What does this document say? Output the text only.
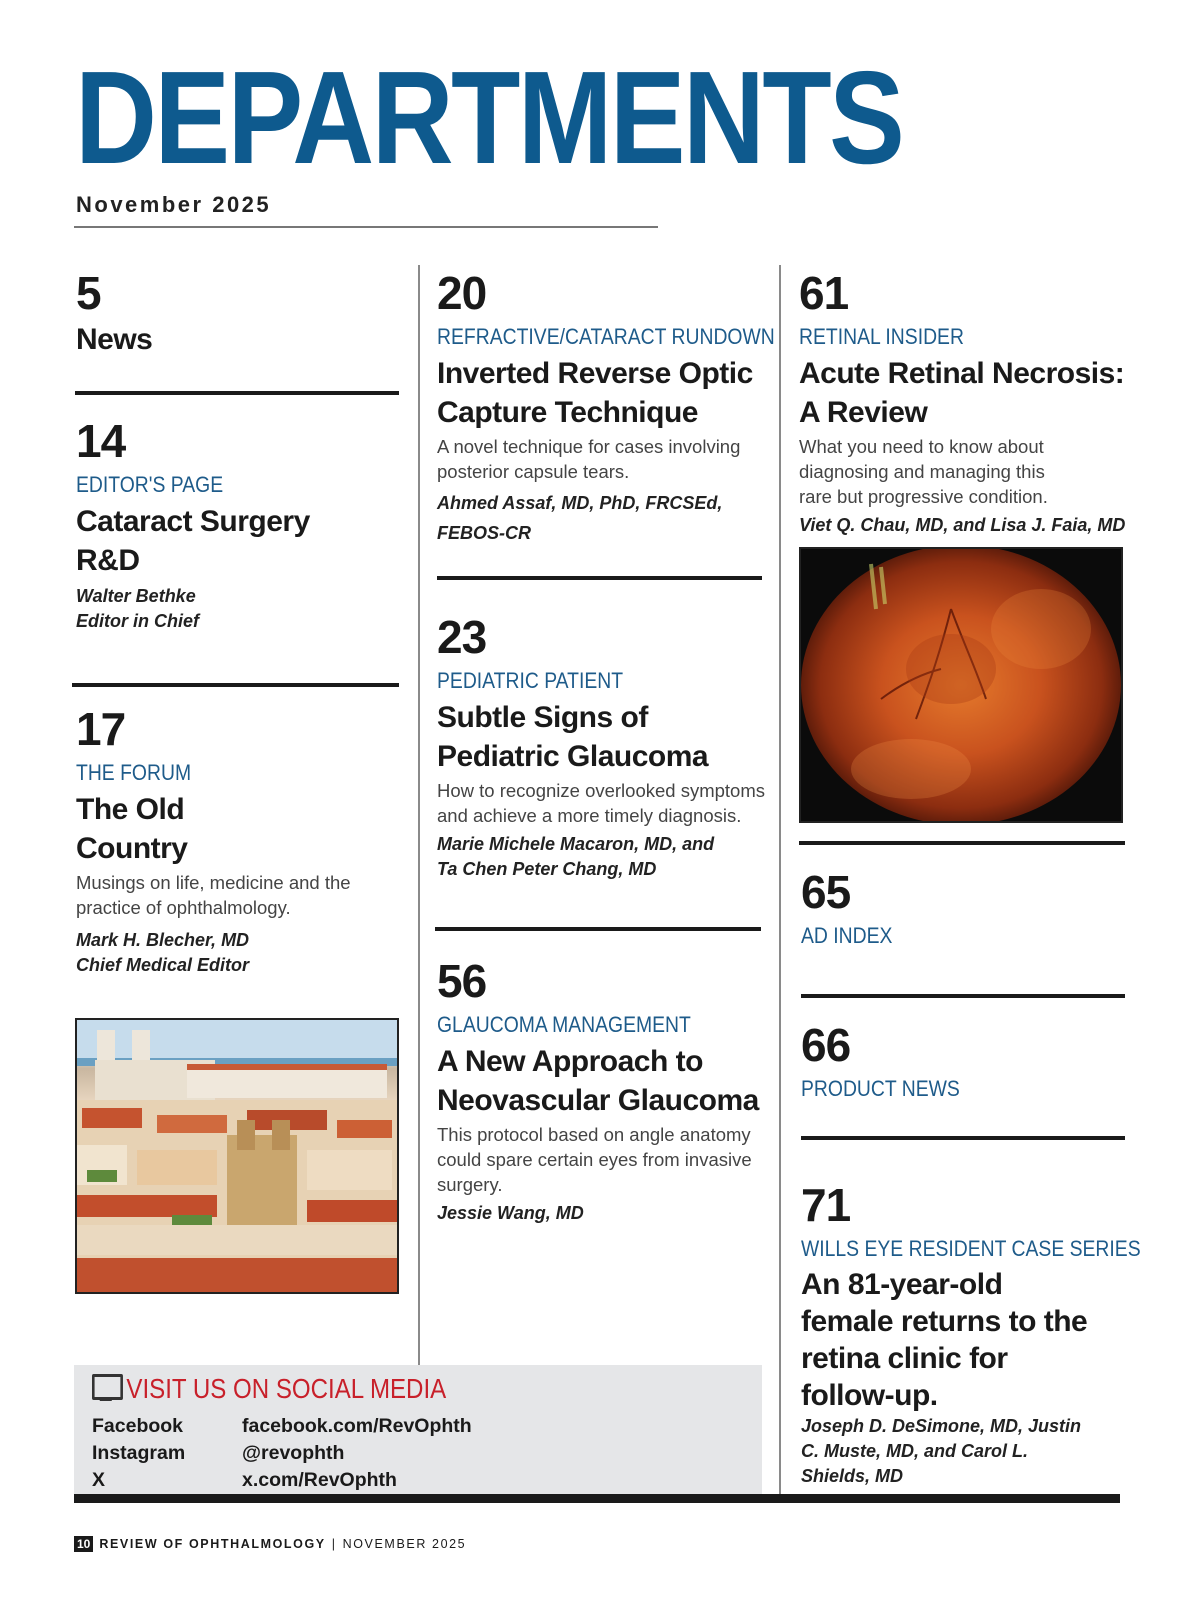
DEPARTMENTS
November 2025
5
News
14
EDITOR'S PAGE
Cataract Surgery
R&D
Walter Bethke
Editor in Chief
17
THE FORUM
The Old
Country
Musings on life, medicine and the practice of ophthalmology.
Mark H. Blecher, MD
Chief Medical Editor
20
REFRACTIVE/CATARACT RUNDOWN
Inverted Reverse Optic
Capture Technique
A novel technique for cases involving posterior capsule tears.
Ahmed Assaf, MD, PhD, FRCSEd, FEBOS-CR
23
PEDIATRIC PATIENT
Subtle Signs of
Pediatric Glaucoma
How to recognize overlooked symptoms and achieve a more timely diagnosis.
Marie Michele Macaron, MD, and Ta Chen Peter Chang, MD
56
GLAUCOMA MANAGEMENT
A New Approach to
Neovascular Glaucoma
This protocol based on angle anatomy could spare certain eyes from invasive surgery.
Jessie Wang, MD
61
RETINAL INSIDER
Acute Retinal Necrosis:
A Review
What you need to know about diagnosing and managing this rare but progressive condition.
Viet Q. Chau, MD, and Lisa J. Faia, MD
65
AD INDEX
66
PRODUCT NEWS
71
WILLS EYE RESIDENT CASE SERIES
An 81-year-old female returns to the retina clinic for follow-up.
Joseph D. DeSimone, MD, Justin C. Muste, MD, and Carol L. Shields, MD
VISIT US ON SOCIAL MEDIA
Facebook	facebook.com/RevOphth
Instagram	@revophth
X	x.com/RevOphth
10 REVIEW OF OPHTHALMOLOGY | NOVEMBER 2025
